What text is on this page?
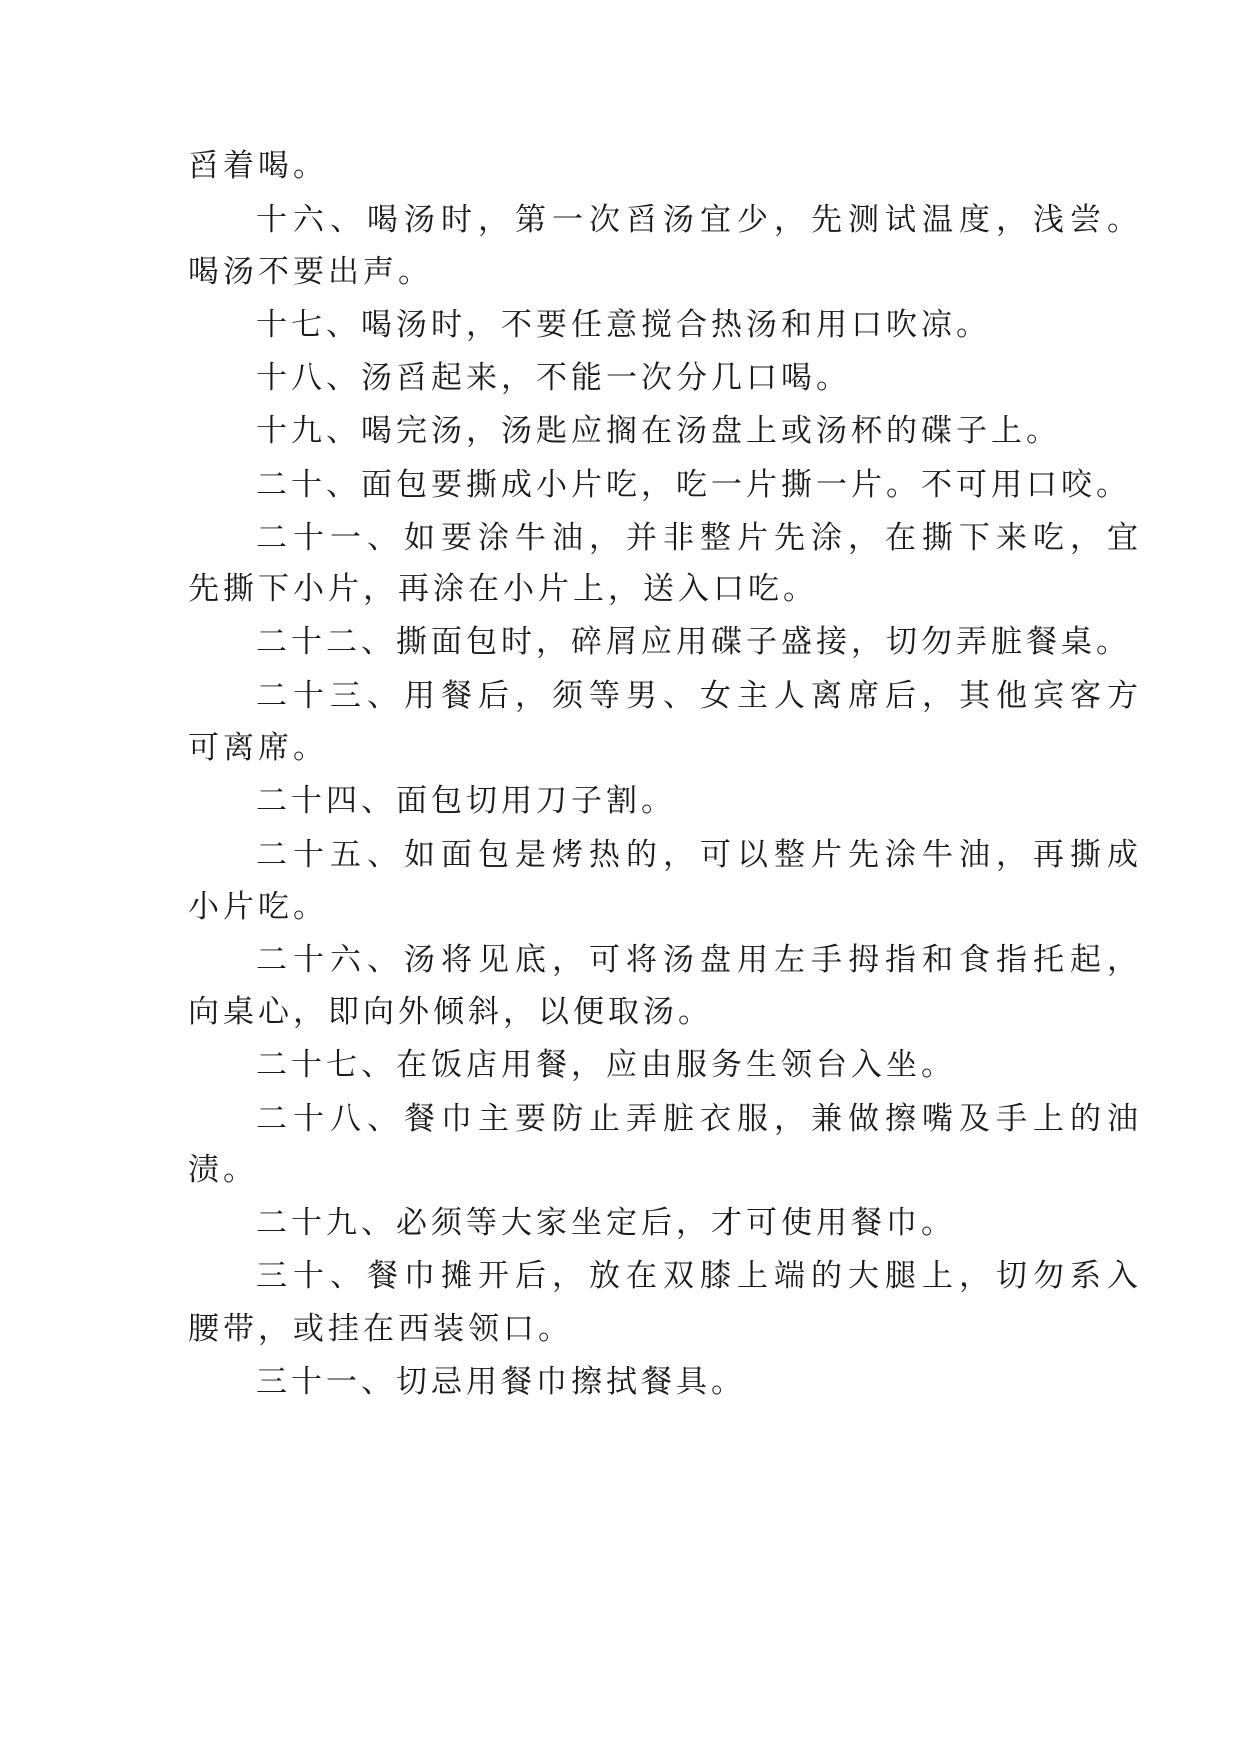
舀着喝。
十六、喝汤时，第一次舀汤宜少，先测试温度，浅尝。
喝汤不要出声。
十七、喝汤时，不要任意搅合热汤和用口吹凉。
十八、汤舀起来，不能一次分几口喝。
十九、喝完汤，汤匙应搁在汤盘上或汤杯的碟子上。
二十、面包要撕成小片吃，吃一片撕一片。不可用口咬。
二十一、如要涂牛油，并非整片先涂，在撕下来吃，宜
先撕下小片，再涂在小片上，送入口吃。
二十二、撕面包时，碎屑应用碟子盛接，切勿弄脏餐桌。
二十三、用餐后，须等男、女主人离席后，其他宾客方
可离席。
二十四、面包切用刀子割。
二十五、如面包是烤热的，可以整片先涂牛油，再撕成
小片吃。
二十六、汤将见底，可将汤盘用左手拇指和食指托起，
向桌心，即向外倾斜，以便取汤。
二十七、在饭店用餐，应由服务生领台入坐。
二十八、餐巾主要防止弄脏衣服，兼做擦嘴及手上的油
渍。
二十九、必须等大家坐定后，才可使用餐巾。
三十、餐巾摊开后，放在双膝上端的大腿上，切勿系入
腰带，或挂在西装领口。
三十一、切忌用餐巾擦拭餐具。
